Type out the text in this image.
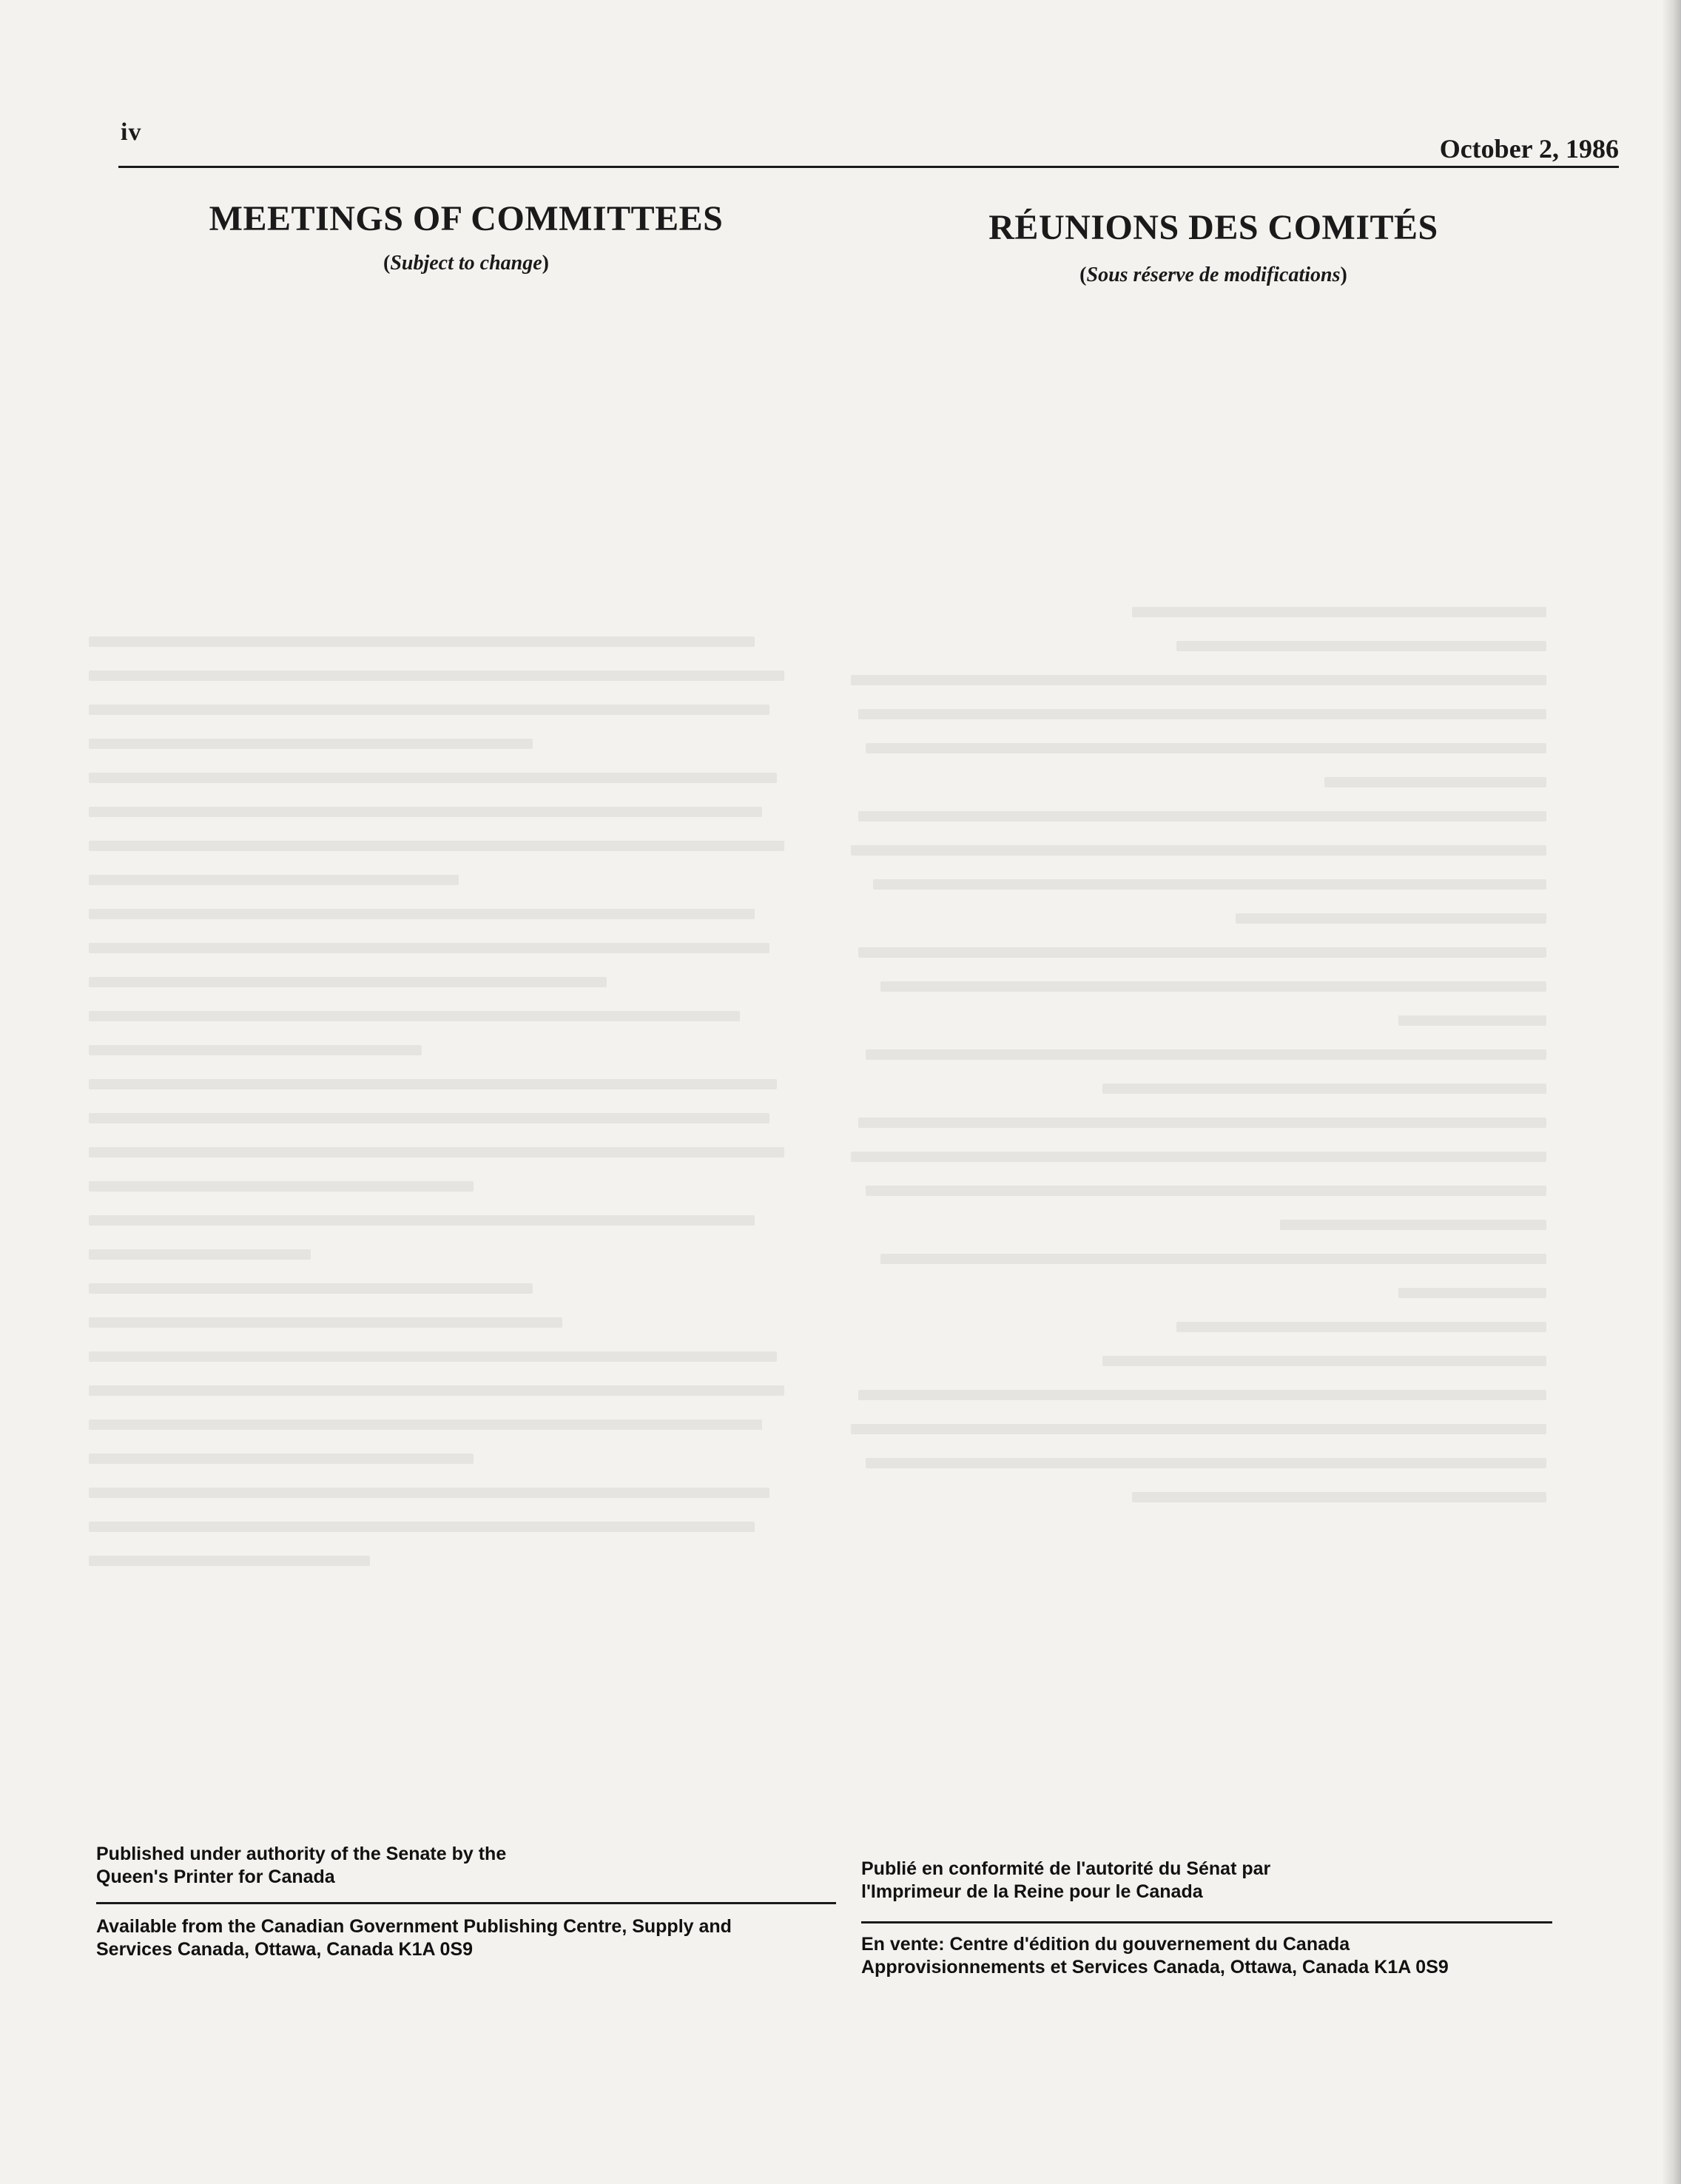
iv
October 2, 1986
MEETINGS OF COMMITTEES
(Subject to change)
RÉUNIONS DES COMITÉS
(Sous réserve de modifications)
Published under authority of the Senate by the
Queen's Printer for Canada
Available from the Canadian Government Publishing Centre, Supply and
Services Canada, Ottawa, Canada K1A 0S9
Publié en conformité de l'autorité du Sénat par
l'Imprimeur de la Reine pour le Canada
En vente: Centre d'édition du gouvernement du Canada
Approvisionnements et Services Canada, Ottawa, Canada K1A 0S9
